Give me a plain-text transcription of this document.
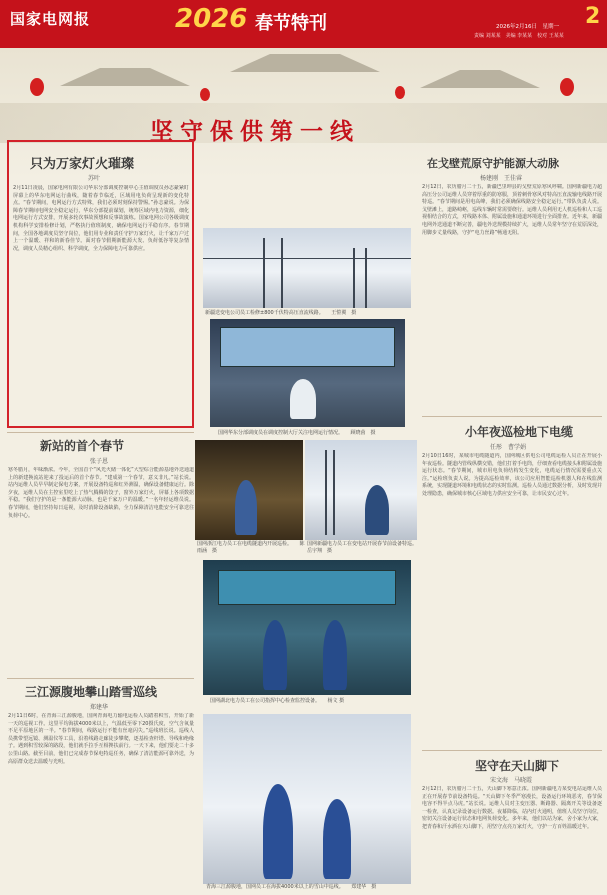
国家电网报	2026 春节特刊	2
2026年2月16日　星期一
责编 刘某某　美编 李某某　校对 王某某
坚守保供第一线
只为万家灯火璀璨
苏叶
2月11日凌晨，国家电网有限公司华东分部调度控制中心主值调度员孙志豪紧盯屏幕上的华东电网运行曲线，随着春节临近，区域用电负荷呈现新的变化特点。“春节期间，电网运行方式特殊，我们必须时刻保持警惕。”孙志豪说。为保障春节期间电网安全稳定运行，华东分部提前谋划，统筹区域内电力资源，细化电网运行方式安排，开展多轮次事故预想和反事故演练。国家电网公司各级调度机构科学安排检修计划，严格执行值班制度，确保电网运行平稳有序。春节期间，全国各地调度员坚守岗位，他们用专业和责任守护万家灯火，让千家万户过上一个温暖、祥和的新春佳节。面对春节假期新能源大发、负荷低谷等复杂情况，调度人员精心组织、科学调度，全力保障电力可靠供应。
新站的首个春节
张子恩
寒冬腊月，年味渐浓。今年，全国首个“风光火储一体化”大型综合能源基地外送通道上的新建换流站迎来了投运后的首个春节。“建成第一个春节，意义非凡。”站长说。站内运维人员早早制定保电方案，开展设备特巡和红外测温，确保设备健康运行。除夕夜，运维人员在主控室里吃上了热气腾腾的饺子，窗外万家灯火，屏幕上各项数据平稳。“我们守护的是一条能源大动脉，也是千家万户的温暖。”一名年轻运维员说。春节期间，他们坚持每日巡视，及时消除设备缺陷，全力保障清洁电能安全可靠送往负荷中心。
三江源腹地攀山踏雪巡线
郑建华
2月11日6时，在青海三江源腹地，国网青海电力输电运检人员踏着积雪，开始了新一天的巡视工作。这里平均海拔4000米以上，气温低至零下20摄氏度，空气含氧量不足平原地区的一半。“春节期间，线路运行不能有丝毫闪失。”巡线班长说。巡线人员携带望远镜、测温仪等工具，沿着线路走廊徒步攀爬，逐基检查杆塔、导线和绝缘子。遇到积雪较深的路段，他们就手拉手互相搀扶前行。一天下来，他们要走二十多公里山路。截至目前，他们已完成春节保电特巡任务，确保了清洁能源可靠外送，为高原群众送去温暖与光明。
新疆送变电公司员工检修±800千伏特高压直流线路。　　王愷翼　摄
国网华东分部调度员在调度控制大厅关注电网运行情况。　　顾晓茵　摄
国网浙江电力员工在电缆隧道内开展巡检。　　陈雨涵　摄
国网新疆电力员工在变电站开展春节前设备特巡。　　岳宇翔　摄
国网湖北电力员工在公司指挥中心检查监控设备。　　杨文 摄
青海三江源腹地，国网员工在海拔4000米以上的雪山中巡线。　　郑建华　摄
在戈壁荒原守护能源大动脉
杨建刚　王佳睿
2月12日，农历腊月二十五，新疆巴里坤县的戈壁荒原寒风呼啸。国网新疆电力超高压分公司运维人员穿着厚重的防寒服，顶着刺骨寒风对特高压直流输电线路开展特巡。“春节期间是用电高峰，我们必须确保线路安全稳定运行。”带队负责人说。戈壁滩上，道路崎岖，巡线车辆时常需要绕行。运维人员利用无人机巡检和人工巡视相结合的方式，对线路本体、附属设施和通道环境进行全面排查。近年来，新疆电网外送通道不断完善，疆电外送规模持续扩大，运维人员常年坚守在荒原深处，用脚步丈量线路，守护“电力丝路”畅通无阻。
小年夜巡检地下电缆
任彤　曹学娟
2月10日16时，某城市电缆隧道内，国网城区供电公司电缆运检人员正在开展小年夜巡检。隧道内管线纵横交错，他们打着手电筒，仔细查看电缆接头和附属设施运行状态。“春节期间，城市用电负荷结构发生变化，电缆运行情况需要重点关注。”运检班负责人说。为提高巡检效率，该公司应用智能巡检机器人和在线监测系统，实现隧道环境和电缆状态的实时监测。巡检人员通过数据分析，及时发现并处理隐患，确保城市核心区域电力供应安全可靠，让市民安心过年。
坚守在天山脚下
宋文海　马晓霞
2月12日，农历腊月二十五，天山脚下寒意正浓。国网新疆电力某变电站运维人员正在开展春节前设备特巡。“天山脚下冬季严寒漫长，设备运行环境恶劣，春节保电容不得半点马虎。”站长说。运维人员对主变压器、断路器、隔离开关等设备逐一检查，认真记录设备运行数据。夜幕降临，站内灯火通明，值班人员坚守岗位，密切关注设备运行状态和电网负荷变化。多年来，他们以站为家，舍小家为大家，把青春和汗水洒在天山脚下，用坚守点亮万家灯火，守护一方百姓温暖过年。
